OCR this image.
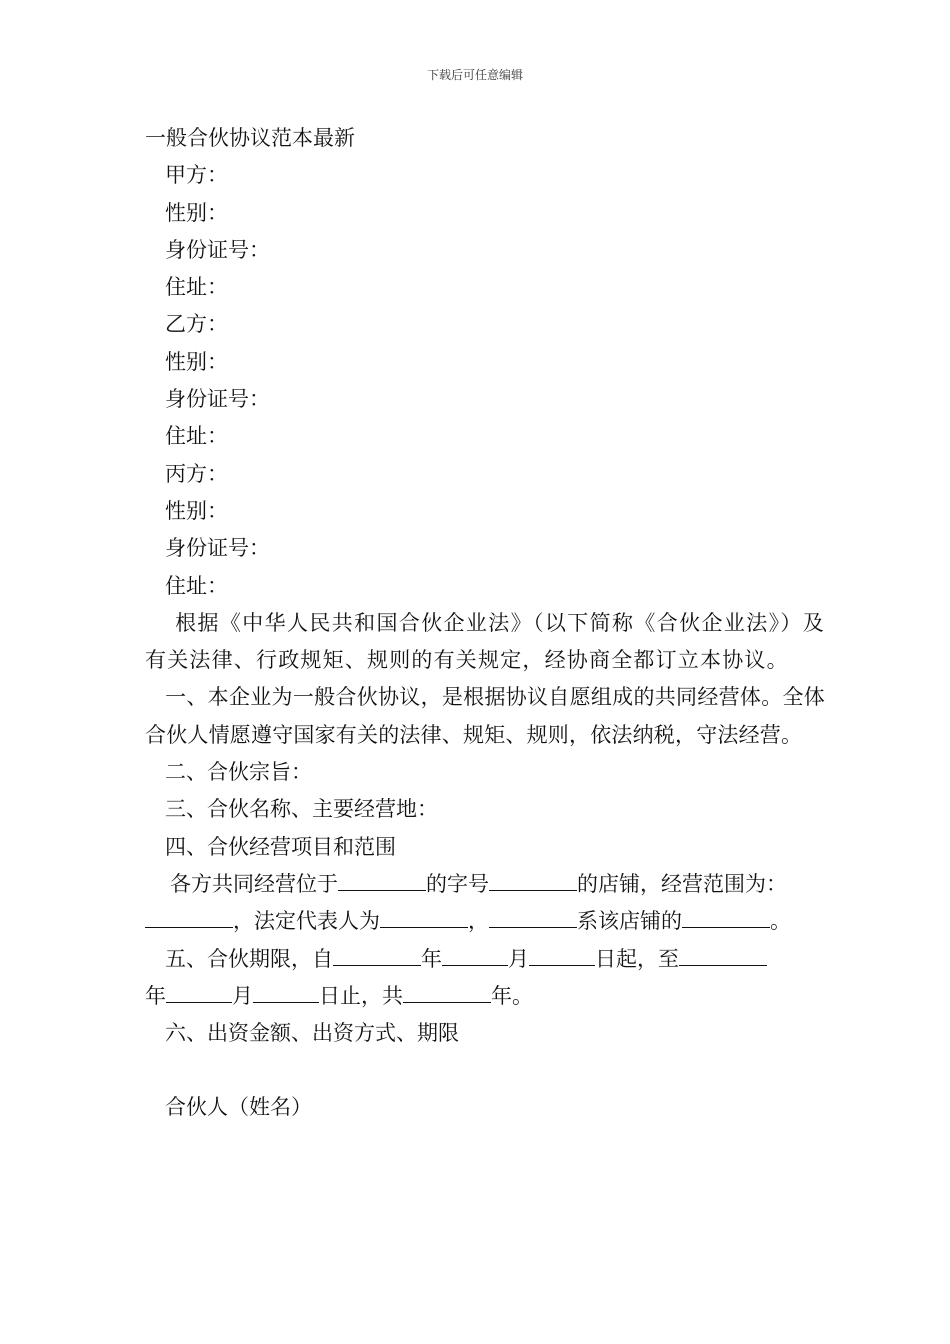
下载后可任意编辑
一般合伙协议范本最新
甲方：
性别：
身份证号：
住址：
乙方：
性别：
身份证号：
住址：
丙方：
性别：
身份证号：
住址：
根据《中华人民共和国合伙企业法》（以下简称《合伙企业法》）及有关法律、行政规矩、规则的有关规定，经协商全都订立本协议。
一、本企业为一般合伙协议，是根据协议自愿组成的共同经营体。全体合伙人情愿遵守国家有关的法律、规矩、规则，依法纳税，守法经营。
二、合伙宗旨：
三、合伙名称、主要经营地：
四、合伙经营项目和范围
各方共同经营位于	的字号	的店铺，经营范围为：
，法定代表人为	，	系该店铺的	。
五、合伙期限，自	年	月	日起，至
年	月	日止，共	年。
六、出资金额、出资方式、期限
合伙人（姓名）
